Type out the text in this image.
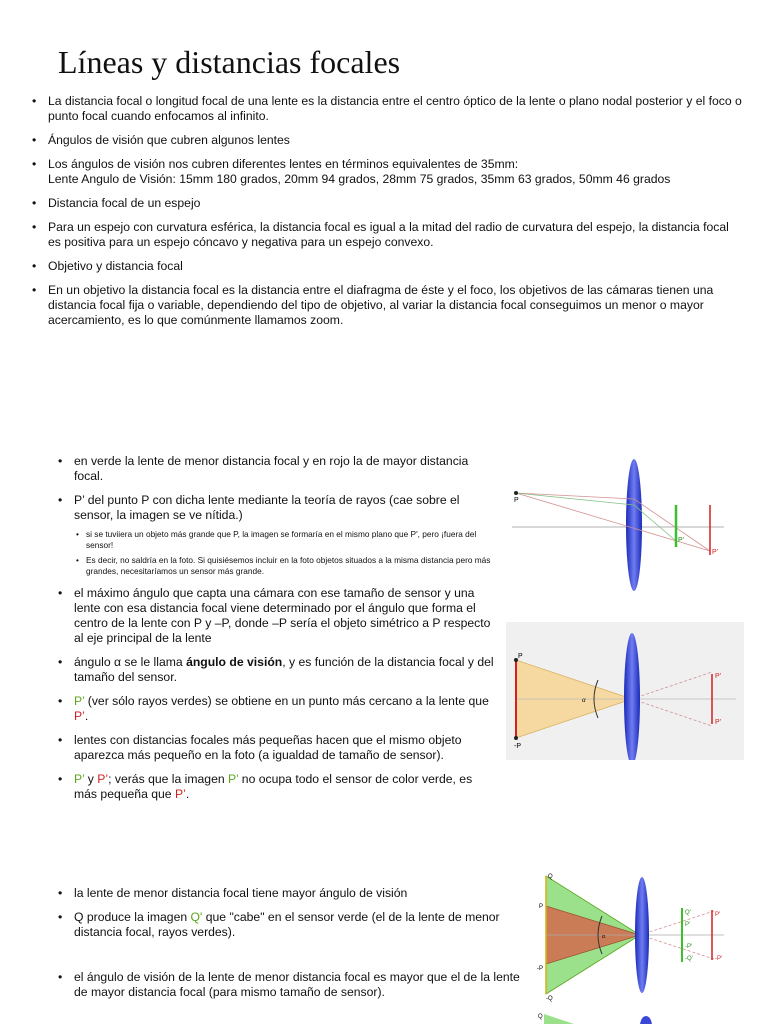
Líneas y distancias focales
• La distancia focal o longitud focal de una lente es la distancia entre el centro óptico de la lente o plano nodal posterior y el foco o punto focal cuando enfocamos al infinito.
• Ángulos de visión que cubren algunos lentes
• Los ángulos de visión nos cubren diferentes lentes en términos equivalentes de 35mm:
Lente Angulo de Visión: 15mm 180 grados, 20mm 94 grados, 28mm 75 grados, 35mm 63 grados, 50mm 46 grados
• Distancia focal de un espejo
• Para un espejo con curvatura esférica, la distancia focal es igual a la mitad del radio de curvatura del espejo, la distancia focal es positiva para un espejo cóncavo y negativa para un espejo convexo.
• Objetivo y distancia focal
• En un objetivo la distancia focal es la distancia entre el diafragma de éste y el foco, los objetivos de las cámaras tienen una distancia focal fija o variable, dependiendo del tipo de objetivo, al variar la distancia focal conseguimos un menor o mayor acercamiento, es lo que comúnmente llamamos zoom.
• en verde la lente de menor distancia focal y en rojo la de mayor distancia focal.
• P’ del punto P con dicha lente mediante la teoría de rayos (cae sobre el sensor, la imagen se ve nítida.)
• si se tuviiera un objeto más grande que P, la imagen se formaría en el mismo plano que P', pero ¡fuera del sensor!
• Es decir, no saldría en la foto. Si quisiésemos incluir en la foto objetos situados a la misma distancia pero más grandes, necesitaríamos un sensor más grande.
• el máximo ángulo que capta una cámara con ese tamaño de sensor y una lente con esa distancia focal viene determinado por el ángulo que forma el centro de la lente con P y –P, donde –P sería el objeto simétrico a P respecto al eje principal de la lente
• ángulo α se le llama ángulo de visión, y es función de la distancia focal y del tamaño del sensor.
• P’ (ver sólo rayos verdes) se obtiene en un punto más cercano a la lente que P’.
• lentes con distancias focales más pequeñas hacen que el mismo objeto aparezca más pequeño en la foto (a igualdad de tamaño de sensor).
• P’ y P’; verás que la imagen P’ no ocupa todo el sensor de color verde, es más pequeña que P’.
• la lente de menor distancia focal tiene mayor ángulo de visión
• Q produce la imagen Q' que "cabe" en el sensor verde (el de la lente de menor distancia focal, rayos verdes).
• el ángulo de visión de la lente de menor distancia focal es mayor que el de la lente de mayor distancia focal (para mismo tamaño de sensor).
P
P'
P'
α
P
-P
P'
P'
α
Q
P
-P
-Q
Q'
P'
-P'
-Q'
P'
-P'
Q
